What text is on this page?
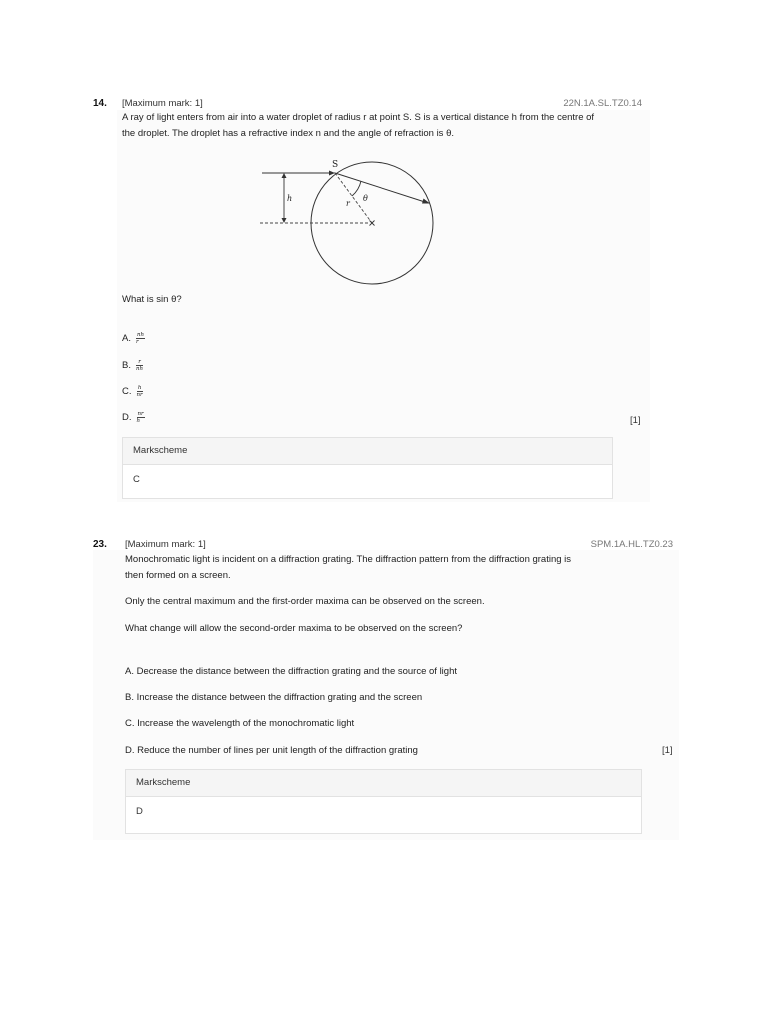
14. [Maximum mark: 1]	22N.1A.SL.TZ0.14
A ray of light enters from air into a water droplet of radius r at point S. S is a vertical distance h from the centre of
the droplet. The droplet has a refractive index n and the angle of refraction is θ.
S
h
r
θ
What is sin θ?
A. $\frac{nh}{r}$
B. $\frac{r}{nh}$
C. $\frac{h}{nr}$
D. $\frac{nr}{h}$	[1]
Markscheme
C
23. [Maximum mark: 1]	SPM.1A.HL.TZ0.23
Monochromatic light is incident on a diffraction grating. The diffraction pattern from the diffraction grating is
then formed on a screen.
Only the central maximum and the first-order maxima can be observed on the screen.
What change will allow the second-order maxima to be observed on the screen?
A. Decrease the distance between the diffraction grating and the source of light
B. Increase the distance between the diffraction grating and the screen
C. Increase the wavelength of the monochromatic light
D. Reduce the number of lines per unit length of the diffraction grating	[1]
Markscheme
D
